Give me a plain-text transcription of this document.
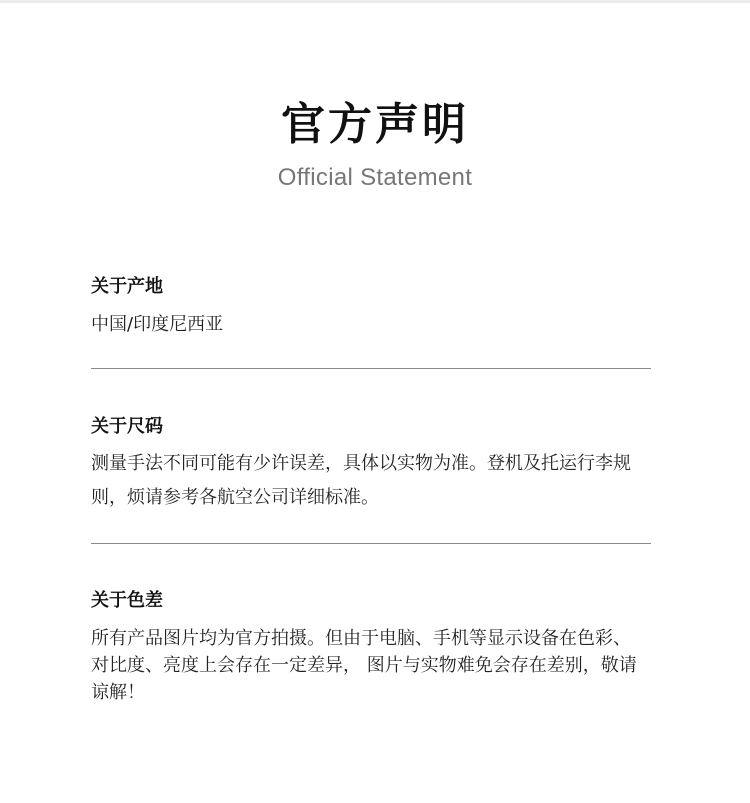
官方声明
Official Statement
关于产地
中国/印度尼西亚
关于尺码
测量手法不同可能有少许误差，具体以实物为准。登机及托运行李规则，烦请参考各航空公司详细标准。
关于色差
所有产品图片均为官方拍摄。但由于电脑、手机等显示设备在色彩、 对比度、亮度上会存在一定差异， 图片与实物难免会存在差别，敬请谅解！
